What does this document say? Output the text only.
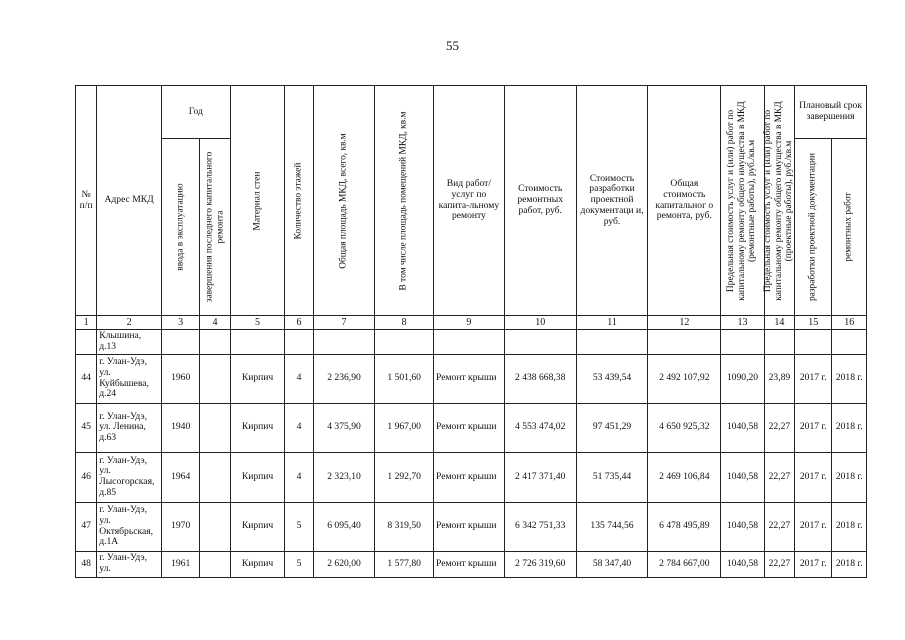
55
№ п/п	Адрес МКД	Год		Материал стен	Количество этажей	Общая площадь МКД, всего, кв.м	В том числе площадь помещений МКД, кв.м	Вид работ/ услуг по капита-льному ремонту	Стоимость ремонтных работ, руб.	Стоимость разработки проектной документаци и, руб.	Общая стоимость капитальног о ремонта, руб.	Предельная стоимость услуг и (или) работ по капитальному ремонту общего имущества в МКД (ремонтные работы), руб./кв.м	Предельная стоимость услуг и (или) работ по капитальному ремонту общего имущества в МКД (проектные работы), руб./кв.м	Плановый срок завершения	

		ввода в эксплуатацию	завершения последнего капитального ремонта											разработки проектной документации	ремонтных работ

1	2	3	4	5	6	7	8	9	10	11	12	13	14	15	16
	Клышина, д.13														
44	г. Улан-Удэ, ул. Куйбышева, д.24	1960		Кирпич	4	2 236,90	1 501,60	Ремонт крыши	2 438 668,38	53 439,54	2 492 107,92	1090,20	23,89	2017 г.	2018 г.
45	г. Улан-Удэ, ул. Ленина, д.63	1940		Кирпич	4	4 375,90	1 967,00	Ремонт крыши	4 553 474,02	97 451,29	4 650 925,32	1040,58	22,27	2017 г.	2018 г.
46	г. Улан-Удэ, ул. Лысогорская, д.85	1964		Кирпич	4	2 323,10	1 292,70	Ремонт крыши	2 417 371,40	51 735,44	2 469 106,84	1040,58	22,27	2017 г.	2018 г.
47	г. Улан-Удэ, ул. Октябрьская, д.1А	1970		Кирпич	5	6 095,40	8 319,50	Ремонт крыши	6 342 751,33	135 744,56	6 478 495,89	1040,58	22,27	2017 г.	2018 г.
48	г. Улан-Удэ, ул.	1961		Кирпич	5	2 620,00	1 577,80	Ремонт крыши	2 726 319,60	58 347,40	2 784 667,00	1040,58	22,27	2017 г.	2018 г.
